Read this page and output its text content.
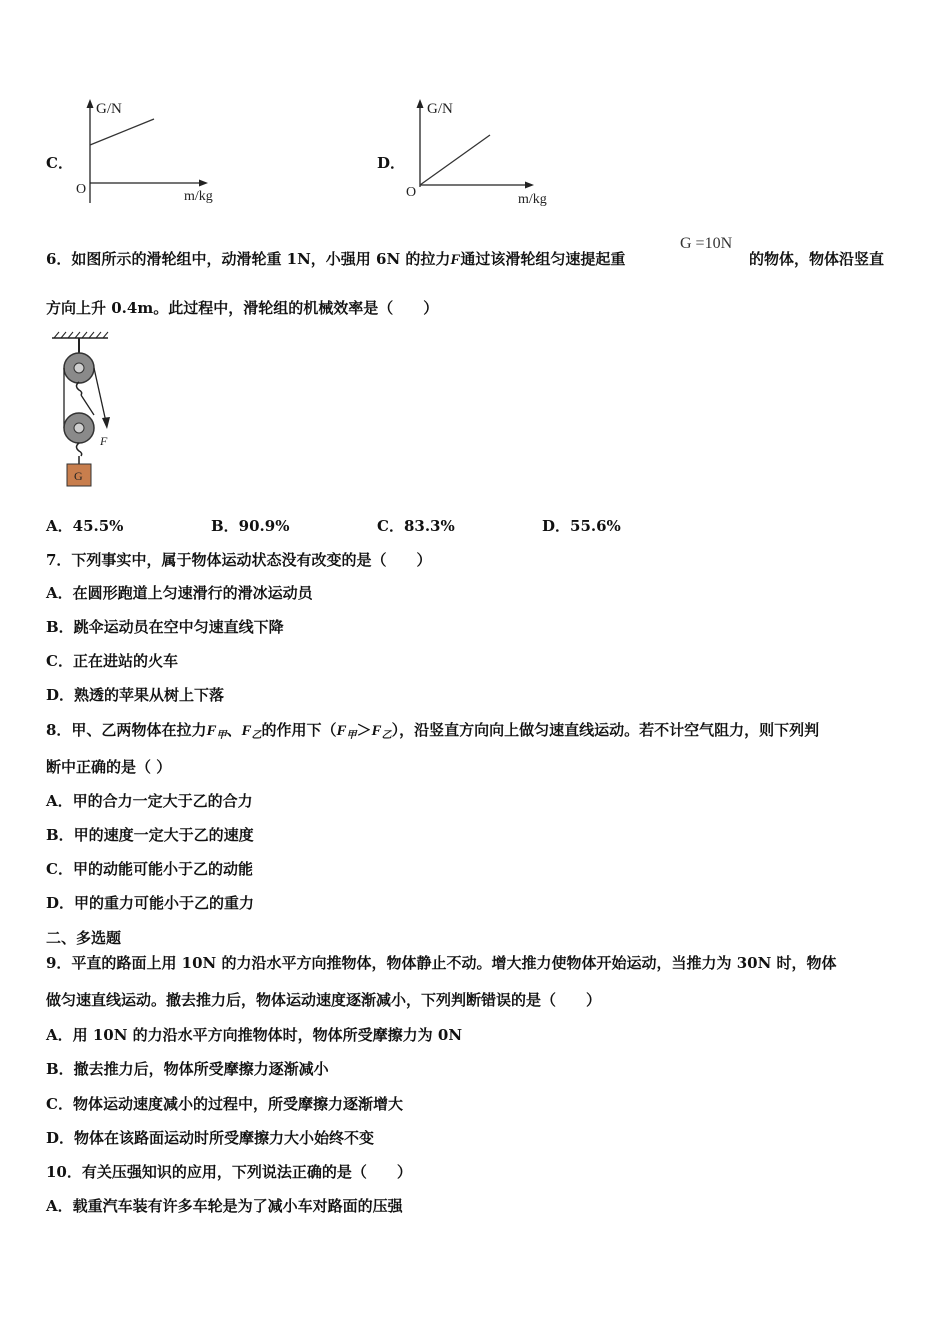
C．
G/N
O	m/kg
D．
G/N
O	m/kg
6．如图所示的滑轮组中，动滑轮重 1N，小强用 6N 的拉力F通过该滑轮组匀速提起重
G =10N
的物体，物体沿竖直
方向上升 0.4m。此过程中，滑轮组的机械效率是（　　）
G
F
A．45.5%	B．90.9%	C．83.3%	D．55.6%
7．下列事实中，属于物体运动状态没有改变的是（　　）
A．在圆形跑道上匀速滑行的滑冰运动员
B．跳伞运动员在空中匀速直线下降
C．正在进站的火车
D．熟透的苹果从树上下落
8．甲、乙两物体在拉力$F_甲$、$F_乙$的作用下$(F_甲>F_乙)$，沿竖直方向向上做匀速直线运动。若不计空气阻力，则下列判
断中正确的是（ ）
A．甲的合力一定大于乙的合力
B．甲的速度一定大于乙的速度
C．甲的动能可能小于乙的动能
D．甲的重力可能小于乙的重力
二、多选题
9．平直的路面上用 10N 的力沿水平方向推物体，物体静止不动。增大推力使物体开始运动，当推力为 30N 时，物体
做匀速直线运动。撤去推力后，物体运动速度逐渐减小，下列判断错误的是（　　）
A．用 10N 的力沿水平方向推物体时，物体所受摩擦力为 0N
B．撤去推力后，物体所受摩擦力逐渐减小
C．物体运动速度减小的过程中，所受摩擦力逐渐增大
D．物体在该路面运动时所受摩擦力大小始终不变
10．有关压强知识的应用，下列说法正确的是（　　）
A．载重汽车装有许多车轮是为了减小车对路面的压强
